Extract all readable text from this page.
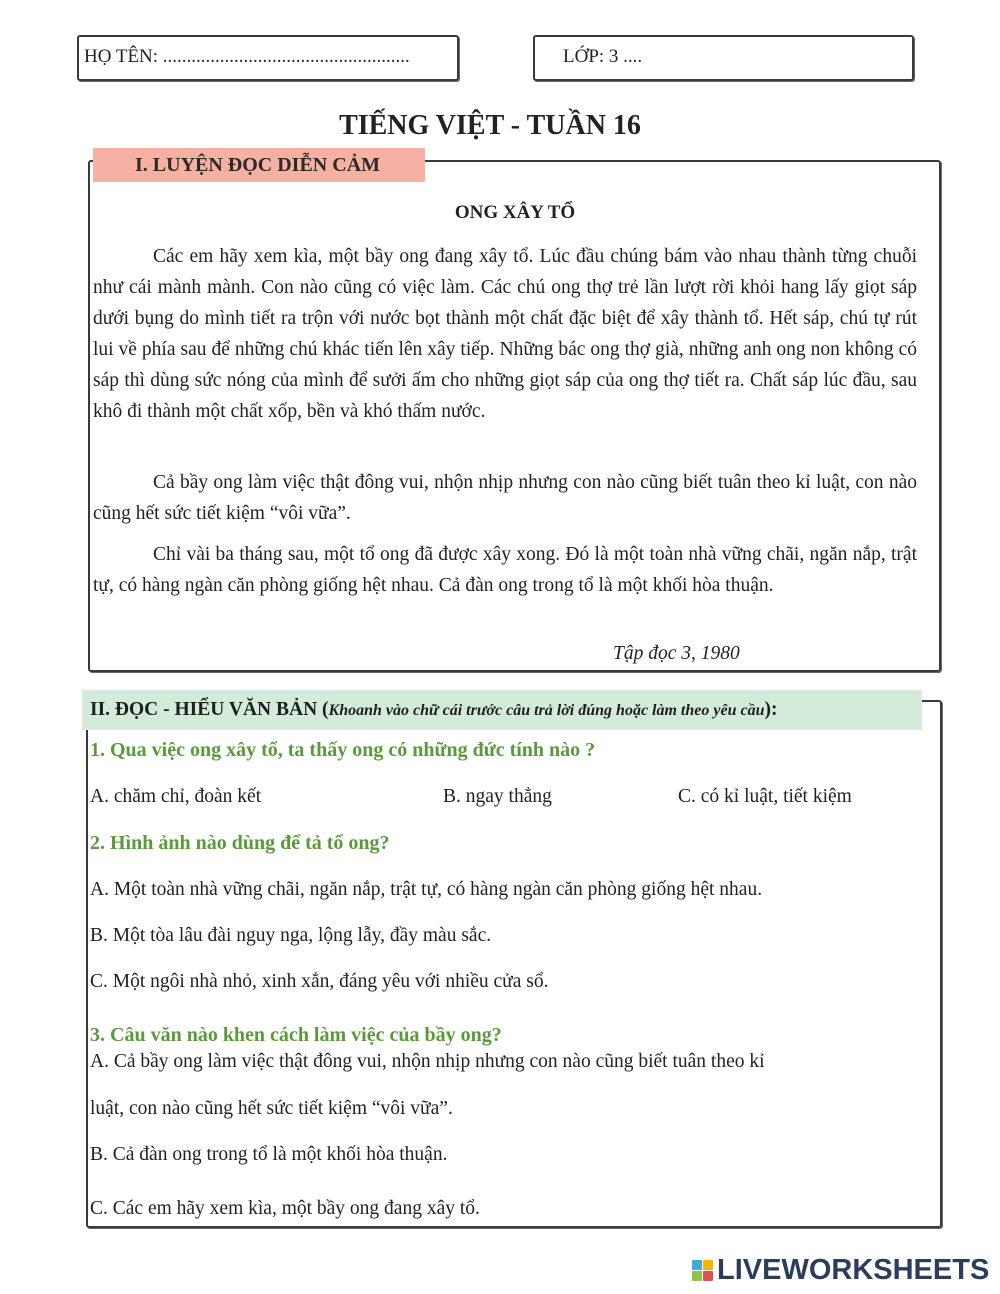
HỌ TÊN: ....................................................	LỚP: 3 ....
TIẾNG VIỆT - TUẦN 16
I. LUYỆN ĐỌC DIỄN CẢM
ONG XÂY TỔ

Các em hãy xem kìa, một bầy ong đang xây tổ. Lúc đầu chúng bám vào nhau thành từng chuỗi như cái mành mành. Con nào cũng có việc làm. Các chú ong thợ trẻ lần lượt rời khỏi hang lấy giọt sáp dưới bụng do mình tiết ra trộn với nước bọt thành một chất đặc biệt để xây thành tổ. Hết sáp, chú tự rút lui về phía sau để những chú khác tiến lên xây tiếp. Những bác ong thợ già, những anh ong non không có sáp thì dùng sức nóng của mình để sưởi ấm cho những giọt sáp của ong thợ tiết ra. Chất sáp lúc đầu, sau khô đi thành một chất xốp, bền và khó thấm nước.

Cả bầy ong làm việc thật đông vui, nhộn nhịp nhưng con nào cũng biết tuân theo kỉ luật, con nào cũng hết sức tiết kiệm “vôi vữa”.

Chỉ vài ba tháng sau, một tổ ong đã được xây xong. Đó là một toàn nhà vững chãi, ngăn nắp, trật tự, có hàng ngàn căn phòng giống hệt nhau. Cả đàn ong trong tổ là một khối hòa thuận.

Tập đọc 3, 1980
II. ĐỌC - HIỂU VĂN BẢN (Khoanh vào chữ cái trước câu trả lời đúng hoặc làm theo yêu cầu):
1. Qua việc ong xây tổ, ta thấy ong có những đức tính nào ?
A. chăm chỉ, đoàn kết	B. ngay thẳng	C. có kỉ luật, tiết kiệm
2. Hình ảnh nào dùng để tả tổ ong?
A. Một toàn nhà vững chãi, ngăn nắp, trật tự, có hàng ngàn căn phòng giống hệt nhau.
B. Một tòa lâu đài nguy nga, lộng lẫy, đầy màu sắc.
C. Một ngôi nhà nhỏ, xinh xắn, đáng yêu với nhiều cửa sổ.
3. Câu văn nào khen cách làm việc của bầy ong?
A. Cả bầy ong làm việc thật đông vui, nhộn nhịp nhưng con nào cũng biết tuân theo kỉ
luật, con nào cũng hết sức tiết kiệm “vôi vữa”.
B. Cả đàn ong trong tổ là một khối hòa thuận.
C. Các em hãy xem kìa, một bầy ong đang xây tổ.
LIVEWORKSHEETS
